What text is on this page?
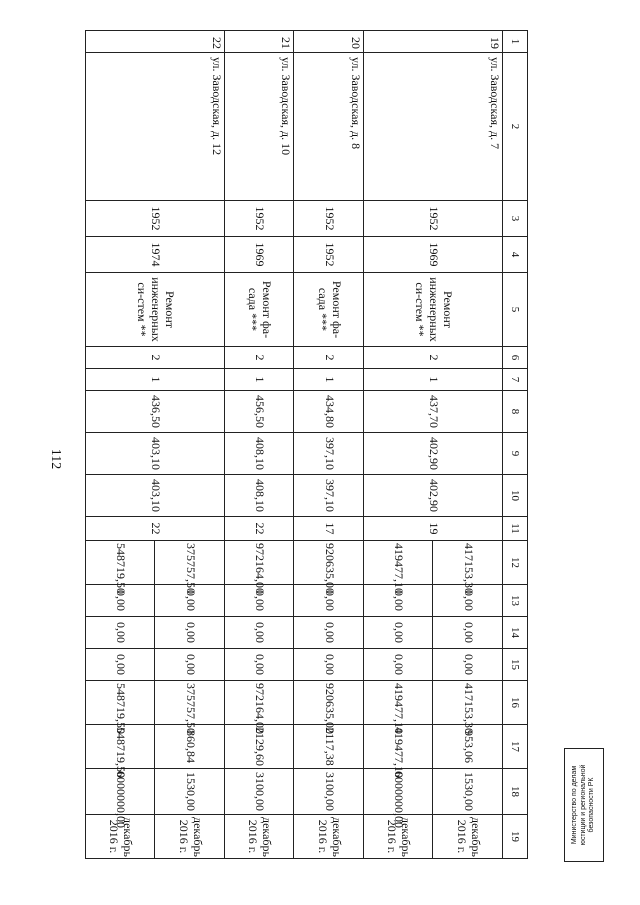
112
1	2	3	4	5	6	7	8	9	10	11	12	13	14	15	16	17	18	19
19	ул. Заводская, д. 7	1952	1969	Ремонт инженерных си-стем **	2	1	437,70	402,90	402,90	19	417153,30	0,00	0,00	0,00	417153,30	953,06	1530,00	декабрь 2016 г.
											419477,10	0,00	0,00	0,00	419477,10	419477,10	6000000,00	декабрь 2016 г.
20	ул. Заводская, д. 8	1952	1952	Ремонт фа-сада ***	2	1	434,80	397,10	397,10	17	920635,00	0,00	0,00	0,00	920635,00	2117,38	3100,00	декабрь 2016 г.
21	ул. Заводская, д. 10	1952	1969	Ремонт фа-сада ***	2	1	456,50	408,10	408,10	22	972164,00	0,00	0,00	0,00	972164,00	2129,60	3100,00	декабрь 2016 г.
22	ул. Заводская, д. 12	1952	1974	Ремонт инженерных си-стем **	2	1	436,50	403,10	403,10	22	375757,50	0,00	0,00	0,00	375757,50	860,84	1530,00	декабрь 2016 г.
											548719,50	0,00	0,00	0,00	548719,50	548719,50	6000000,00	декабрь 2016 г.	Министерство по делам юстиции и региональной безопасности РК
